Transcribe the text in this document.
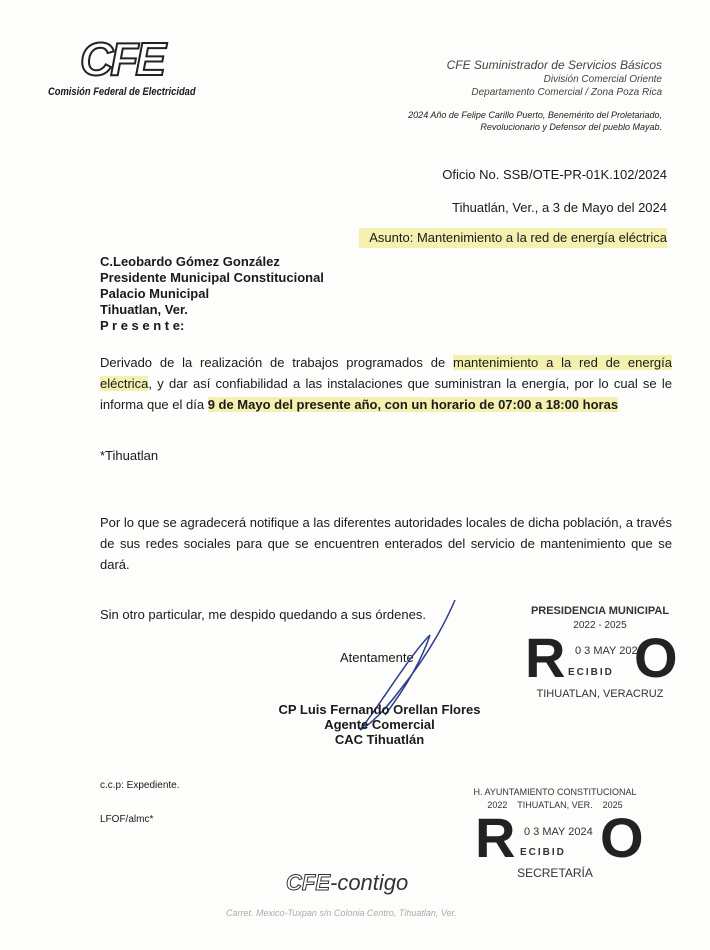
CFE
Comisión Federal de Electricidad
CFE Suministrador de Servicios Básicos
División Comercial Oriente
Departamento Comercial / Zona Poza Rica
2024 Año de Felipe Carillo Puerto, Benemérito del Proletariado,
Revolucionario y Defensor del pueblo Mayab.
Oficio No. SSB/OTE-PR-01K.102/2024
Tihuatlán, Ver., a 3 de Mayo del 2024
Asunto: Mantenimiento a la red de energía eléctrica
C.Leobardo Gómez González
Presidente Municipal Constitucional
Palacio Municipal
Tihuatlan, Ver.
P r e s e n t e:
Derivado de la realización de trabajos programados de mantenimiento a la red de energía eléctrica, y dar así confiabilidad a las instalaciones que suministran la energía, por lo cual se le informa que el día 9 de Mayo del presente año, con un horario de 07:00 a 18:00 horas
*Tihuatlan
Por lo que se agradecerá notifique a las diferentes autoridades locales de dicha población, a través de sus redes sociales para que se encuentren enterados del servicio de mantenimiento que se dará.
Sin otro particular, me despido quedando a sus órdenes.
Atentamente
CP Luis Fernando Orellan Flores
Agente Comercial
CAC Tihuatlán
c.c.p: Expediente.
LFOF/almc*
PRESIDENCIA MUNICIPAL
2022 - 2025
R 0 3 MAY 2024
ECIBID O
TIHUATLAN, VERACRUZ
H. AYUNTAMIENTO CONSTITUCIONAL
2022    TIHUATLAN, VER.    2025
R 0 3 MAY 2024
ECIBID O
SECRETARÍA
CFE-contigo
Carret. Mexico-Tuxpan s/n Colonia Centro, Tihuatlan, Ver.
